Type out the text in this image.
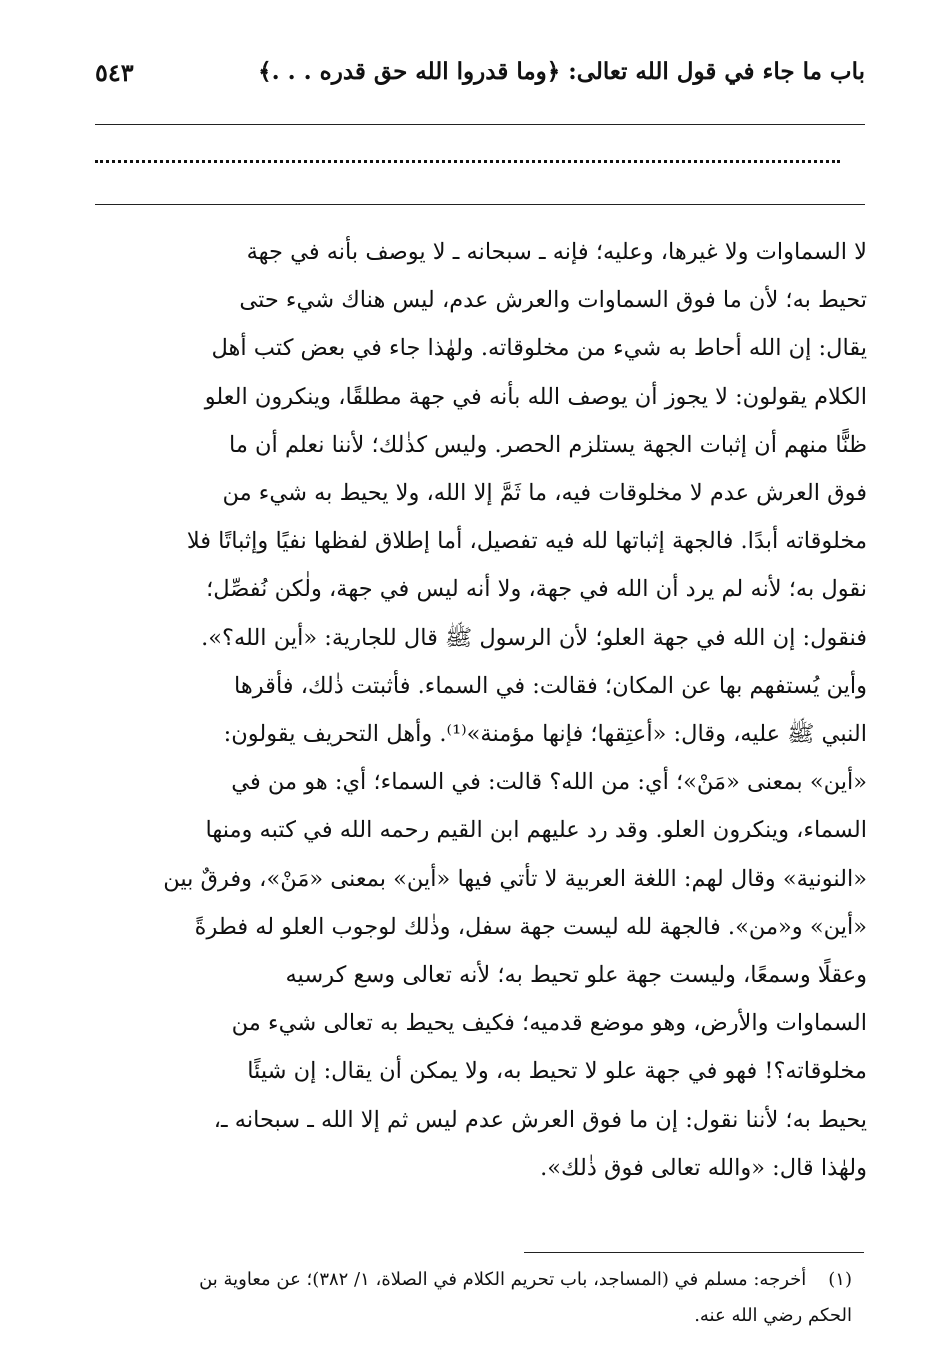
باب ما جاء في قول الله تعالى: ﴿وما قدروا الله حق قدره . . .﴾
٥٤٣

لا السماوات ولا غيرها، وعليه؛ فإنه ـ سبحانه ـ لا يوصف بأنه في جهة

تحيط به؛ لأن ما فوق السماوات والعرش عدم، ليس هناك شيء حتى

يقال: إن الله أحاط به شيء من مخلوقاته. ولهٰذا جاء في بعض كتب أهل

الكلام يقولون: لا يجوز أن يوصف الله بأنه في جهة مطلقًا، وينكرون العلو

ظنًّا منهم أن إثبات الجهة يستلزم الحصر. وليس كذٰلك؛ لأننا نعلم أن ما

فوق العرش عدم لا مخلوقات فيه، ما ثَمَّ إلا الله، ولا يحيط به شيء من

مخلوقاته أبدًا. فالجهة إثباتها لله فيه تفصيل، أما إطلاق لفظها نفيًا وإثباتًا فلا

نقول به؛ لأنه لم يرد أن الله في جهة، ولا أنه ليس في جهة، ولٰكن نُفصِّل؛

فنقول: إن الله في جهة العلو؛ لأن الرسول ﷺ قال للجارية: «أين الله؟».

وأين يُستفهم بها عن المكان؛ فقالت: في السماء. فأثبتت ذٰلك، فأقرها

النبي ﷺ عليه، وقال: «أعتِقها؛ فإنها مؤمنة»⁽¹⁾. وأهل التحريف يقولون:

«أين» بمعنى «مَنْ»؛ أي: من الله؟ قالت: في السماء؛ أي: هو من في

السماء، وينكرون العلو. وقد رد عليهم ابن القيم رحمه الله في كتبه ومنها

«النونية» وقال لهم: اللغة العربية لا تأتي فيها «أين» بمعنى «مَنْ»، وفرقٌ بين

«أين» و«من». فالجهة لله ليست جهة سفل، وذٰلك لوجوب العلو له فطرةً

وعقلًا وسمعًا، وليست جهة علو تحيط به؛ لأنه تعالى وسع كرسيه

السماوات والأرض، وهو موضع قدميه؛ فكيف يحيط به تعالى شيء من

مخلوقاته؟! فهو في جهة علو لا تحيط به، ولا يمكن أن يقال: إن شيئًا

يحيط به؛ لأننا نقول: إن ما فوق العرش عدم ليس ثم إلا الله ـ سبحانه ـ،

ولهٰذا قال: «والله تعالى فوق ذٰلك».

(١)أخرجه: مسلم في (المساجد، باب تحريم الكلام في الصلاة، ١/ ٣٨٢)؛ عن معاوية بن

الحكم رضي الله عنه.
